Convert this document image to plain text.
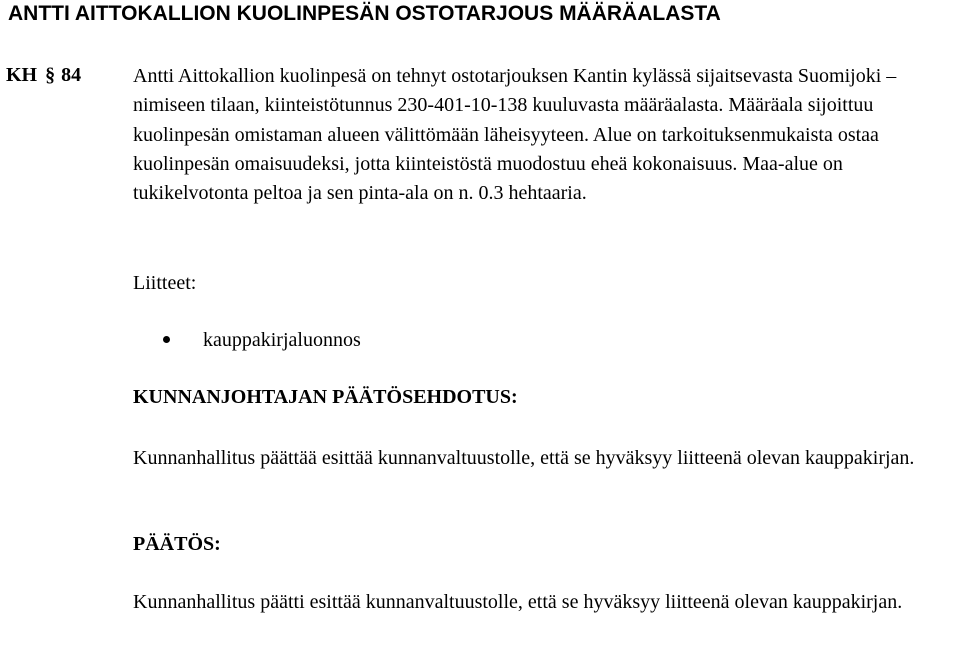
ANTTI AITTOKALLION KUOLINPESÄN OSTOTARJOUS MÄÄRÄALASTA
KH § 84	Antti Aittokallion kuolinpesä on tehnyt ostotarjouksen Kantin kylässä sijaitsevasta Suomijoki –nimiseen tilaan, kiinteistötunnus 230-401-10-138 kuuluvasta määräalasta. Määräala sijoittuu kuolinpesän omistaman alueen välittömään läheisyyteen. Alue on tarkoituksenmukaista ostaa kuolinpesän omaisuudeksi, jotta kiinteistöstä muodostuu eheä kokonaisuus. Maa-alue on tukikelvotonta peltoa ja sen pinta-ala on n. 0.3 hehtaaria.

Liitteet:
kauppakirjaluonnos
KUNNANJOHTAJAN PÄÄTÖSEHDOTUS:

Kunnanhallitus päättää esittää kunnanvaltuustolle, että se hyväksyy liitteenä olevan kauppakirjan.

PÄÄTÖS:

Kunnanhallitus päätti esittää kunnanvaltuustolle, että se hyväksyy liitteenä olevan kauppakirjan.
